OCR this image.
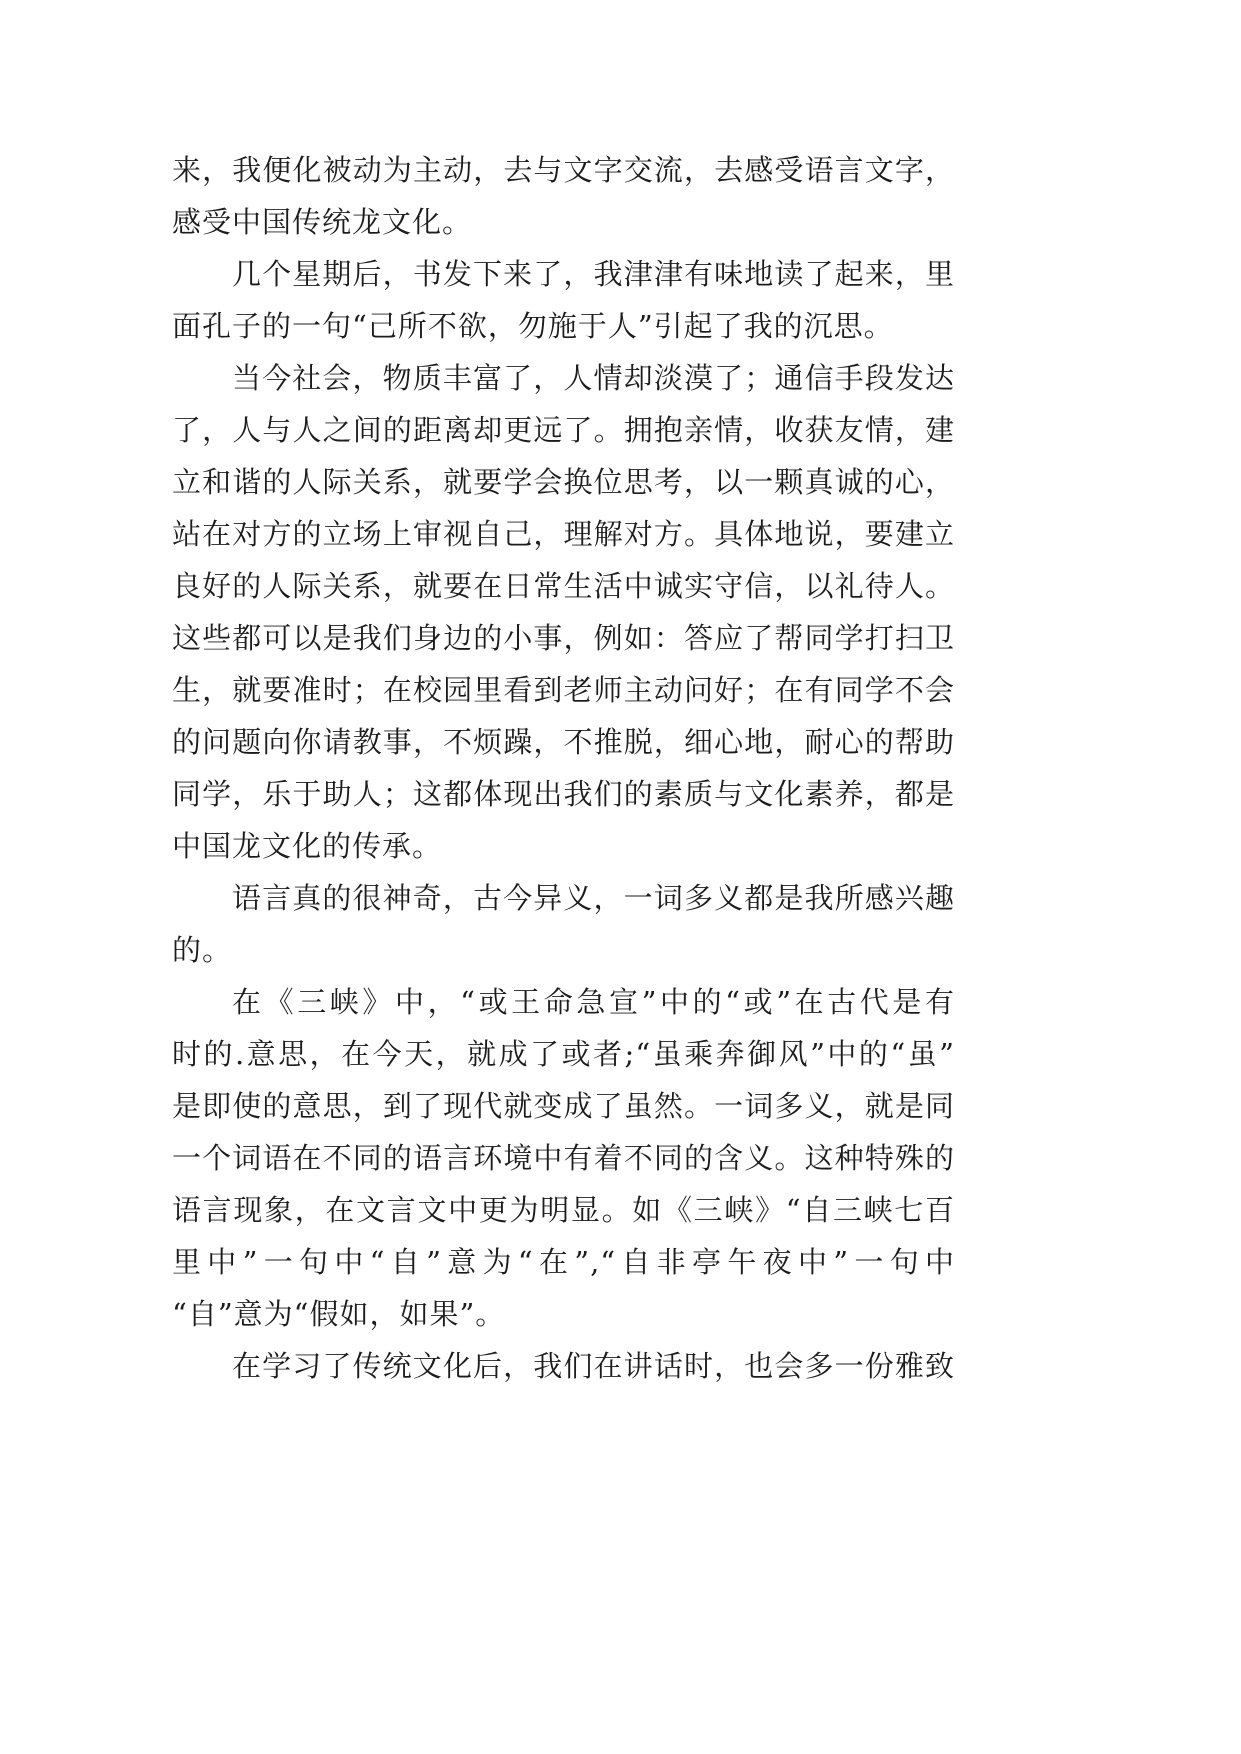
来，我便化被动为主动，去与文字交流，去感受语言文字，
感受中国传统龙文化。
几个星期后，书发下来了，我津津有味地读了起来，里
面孔子的一句“己所不欲，勿施于人”引起了我的沉思。
当今社会，物质丰富了，人情却淡漠了；通信手段发达
了，人与人之间的距离却更远了。拥抱亲情，收获友情，建
立和谐的人际关系，就要学会换位思考，以一颗真诚的心，
站在对方的立场上审视自己，理解对方。具体地说，要建立
良好的人际关系，就要在日常生活中诚实守信，以礼待人。
这些都可以是我们身边的小事，例如：答应了帮同学打扫卫
生，就要准时；在校园里看到老师主动问好；在有同学不会
的问题向你请教事，不烦躁，不推脱，细心地，耐心的帮助
同学，乐于助人；这都体现出我们的素质与文化素养，都是
中国龙文化的传承。
语言真的很神奇，古今异义，一词多义都是我所感兴趣
的。
在《三峡》中，“或王命急宣”中的“或”在古代是有
时的.意思，在今天，就成了或者;“虽乘奔御风”中的“虽”
是即使的意思，到了现代就变成了虽然。一词多义，就是同
一个词语在不同的语言环境中有着不同的含义。这种特殊的
语言现象，在文言文中更为明显。如《三峡》“自三峡七百
里中”一句中“自”意为“在”,“自非亭午夜中”一句中
“自”意为“假如，如果”。
在学习了传统文化后，我们在讲话时，也会多一份雅致
